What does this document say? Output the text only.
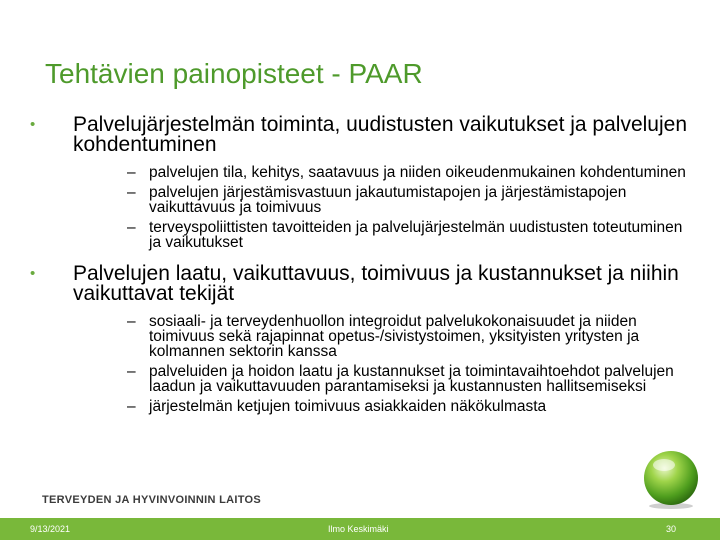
Tehtävien painopisteet - PAAR
• Palvelujärjestelmän toiminta, uudistusten vaikutukset ja palvelujen kohdentuminen
– palvelujen tila, kehitys, saatavuus ja niiden oikeudenmukainen kohdentuminen
– palvelujen järjestämisvastuun jakautumistapojen ja järjestämistapojen vaikuttavuus ja toimivuus
– terveyspoliittisten tavoitteiden ja palvelujärjestelmän uudistusten toteutuminen ja vaikutukset
• Palvelujen laatu, vaikuttavuus, toimivuus ja kustannukset ja niihin vaikuttavat tekijät
– sosiaali- ja terveydenhuollon integroidut palvelukokonaisuudet ja niiden toimivuus sekä rajapinnat opetus-/sivistystoimen, yksityisten yritysten ja kolmannen sektorin kanssa
– palveluiden ja hoidon laatu ja kustannukset ja toimintavaihtoehdot palvelujen laadun ja vaikuttavuuden parantamiseksi ja kustannusten hallitsemiseksi
– järjestelmän ketjujen toimivuus asiakkaiden näkökulmasta
TERVEYDEN JA HYVINVOINNIN LAITOS
9/13/2021	Ilmo Keskimäki	30
